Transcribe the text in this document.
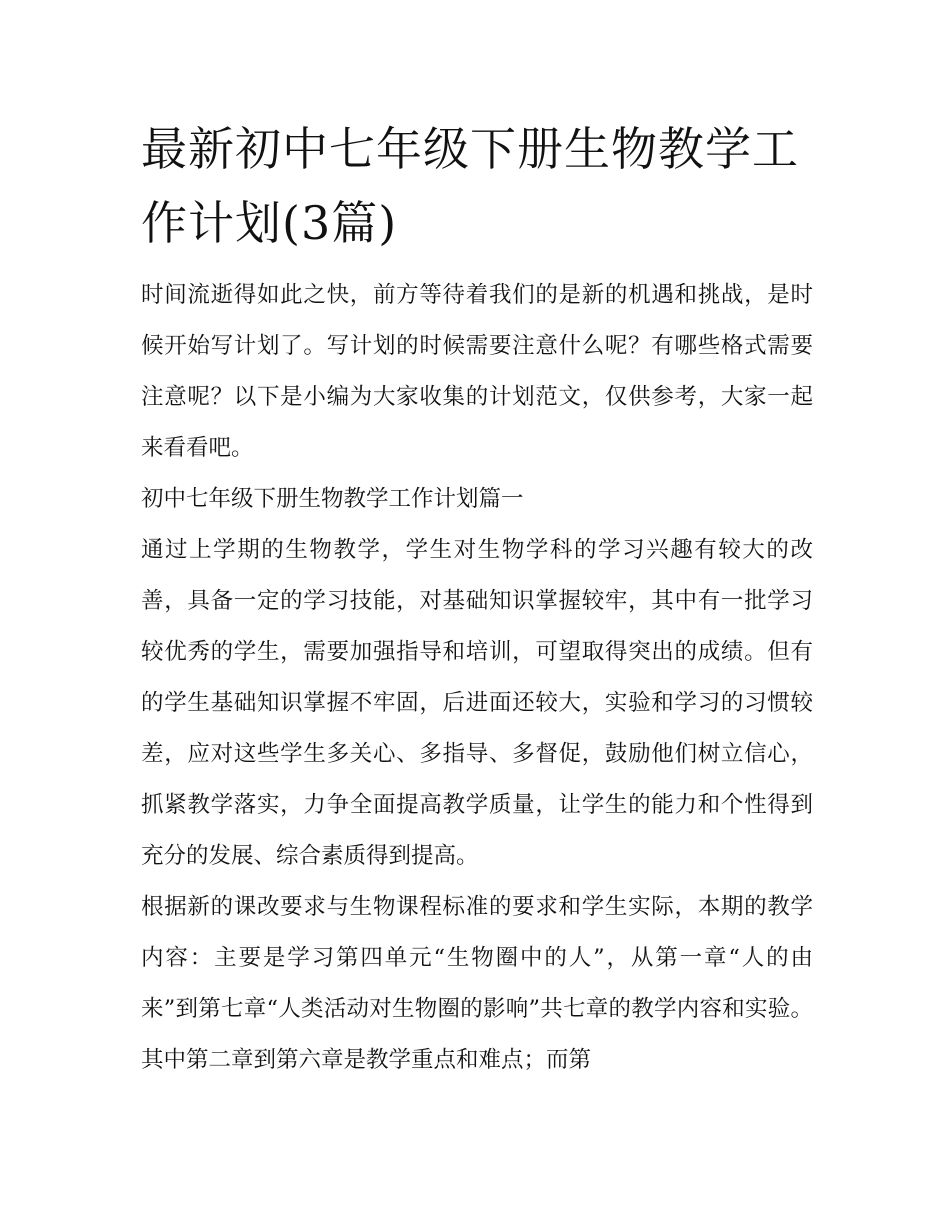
最新初中七年级下册生物教学工作计划(3篇)

时间流逝得如此之快，前方等待着我们的是新的机遇和挑战，是时候开始写计划了。写计划的时候需要注意什么呢？有哪些格式需要注意呢？以下是小编为大家收集的计划范文，仅供参考，大家一起来看看吧。

初中七年级下册生物教学工作计划篇一

通过上学期的生物教学，学生对生物学科的学习兴趣有较大的改善，具备一定的学习技能，对基础知识掌握较牢，其中有一批学习较优秀的学生，需要加强指导和培训，可望取得突出的成绩。但有的学生基础知识掌握不牢固，后进面还较大，实验和学习的习惯较差，应对这些学生多关心、多指导、多督促，鼓励他们树立信心，抓紧教学落实，力争全面提高教学质量，让学生的能力和个性得到充分的发展、综合素质得到提高。

根据新的课改要求与生物课程标准的要求和学生实际，本期的教学内容：主要是学习第四单元“生物圈中的人”，从第一章“人的由来”到第七章“人类活动对生物圈的影响”共七章的教学内容和实验。其中第二章到第六章是教学重点和难点；而第
